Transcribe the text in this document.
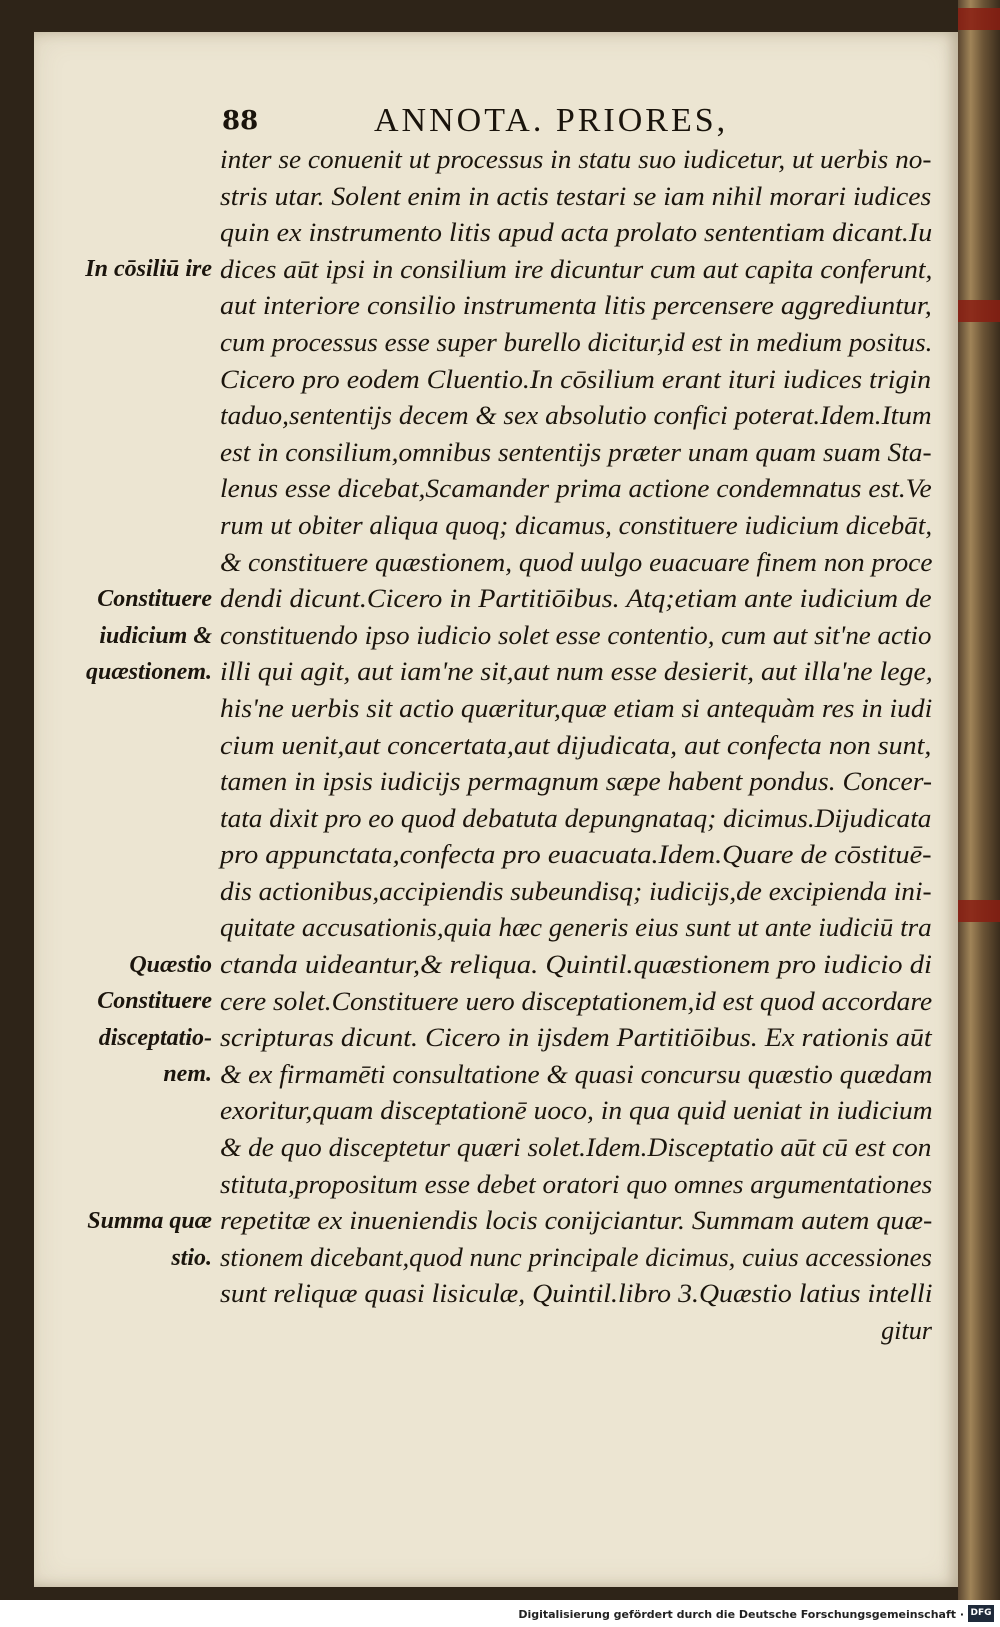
88	ANNOTA. PRIORES,
inter se conuenit ut processus in statu suo iudicetur, ut uerbis no-
stris utar. Solent enim in actis testari se iam nihil morari iudices
quin ex instrumento litis apud acta prolato sententiam dicant.Iu
dices aūt ipsi in consilium ire dicuntur cum aut capita conferunt,
aut interiore consilio instrumenta litis percensere aggrediuntur,
cum processus esse super burello dicitur,id est in medium positus.
Cicero pro eodem Cluentio.In cōsilium erant ituri iudices trigin
taduo,sententijs decem & sex absolutio confici poterat.Idem.Itum
est in consilium,omnibus sententijs præter unam quam suam Sta-
lenus esse dicebat,Scamander prima actione condemnatus est.Ve
rum ut obiter aliqua quoq; dicamus, constituere iudicium dicebāt,
& constituere quæstionem, quod uulgo euacuare finem non proce
dendi dicunt.Cicero in Partitiōibus. Atq;etiam ante iudicium de
constituendo ipso iudicio solet esse contentio, cum aut sit'ne actio
illi qui agit, aut iam'ne sit,aut num esse desierit, aut illa'ne lege,
his'ne uerbis sit actio quæritur,quæ etiam si antequàm res in iudi
cium uenit,aut concertata,aut dijudicata, aut confecta non sunt,
tamen in ipsis iudicijs permagnum sæpe habent pondus. Concer-
tata dixit pro eo quod debatuta depungnataq; dicimus.Dijudicata
pro appunctata,confecta pro euacuata.Idem.Quare de cōstituē-
dis actionibus,accipiendis subeundisq; iudicijs,de excipienda ini-
quitate accusationis,quia hæc generis eius sunt ut ante iudiciū tra
ctanda uideantur,& reliqua. Quintil.quæstionem pro iudicio di
cere solet.Constituere uero disceptationem,id est quod accordare
scripturas dicunt. Cicero in ijsdem Partitiōibus. Ex rationis aūt
& ex firmamēti consultatione & quasi concursu quæstio quædam
exoritur,quam disceptationē uoco, in qua quid ueniat in iudicium
& de quo disceptetur quæri solet.Idem.Disceptatio aūt cū est con
stituta,propositum esse debet oratori quo omnes argumentationes
repetitæ ex inueniendis locis conijciantur. Summam autem quæ-
stionem dicebant,quod nunc principale dicimus, cuius accessiones
sunt reliquæ quasi lisiculæ, Quintil.libro 3.Quæstio latius intelli
gitur
In cōsiliū ire
Constituere
iudicium &
quæstionem.
Quæstio
Constituere
disceptatio-
nem.
Summa quæ
stio.
Digitalisierung gefördert durch die Deutsche Forschungsgemeinschaft · DFG
